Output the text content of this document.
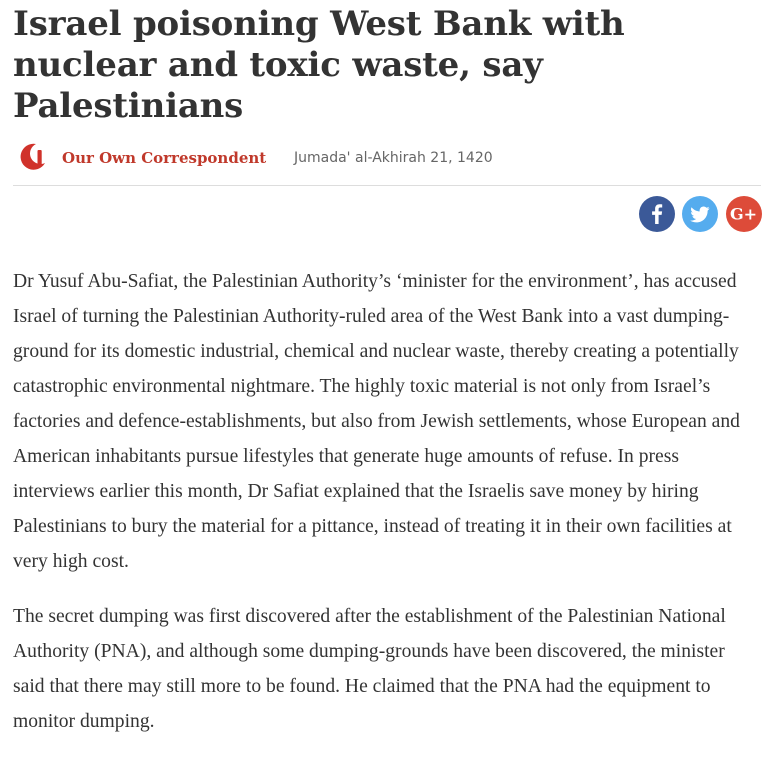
Israel poisoning West Bank with nuclear and toxic waste, say Palestinians
Our Own Correspondent Jumada' al-Akhirah 21, 1420
G+

Dr Yusuf Abu-Safiat, the Palestinian Authority’s ‘minister for the environment’, has accused Israel of turning the Palestinian Authority-ruled area of the West Bank into a vast dumping-ground for its domestic industrial, chemical and nuclear waste, thereby creating a potentially catastrophic environmental nightmare. The highly toxic material is not only from Israel’s factories and defence-establishments, but also from Jewish settlements, whose European and American inhabitants pursue lifestyles that generate huge amounts of refuse. In press interviews earlier this month, Dr Safiat explained that the Israelis save money by hiring Palestinians to bury the material for a pittance, instead of treating it in their own facilities at very high cost.

The secret dumping was first discovered after the establishment of the Palestinian National Authority (PNA), and although some dumping-grounds have been discovered, the minister said that there may still more to be found. He claimed that the PNA had the equipment to monitor dumping.
